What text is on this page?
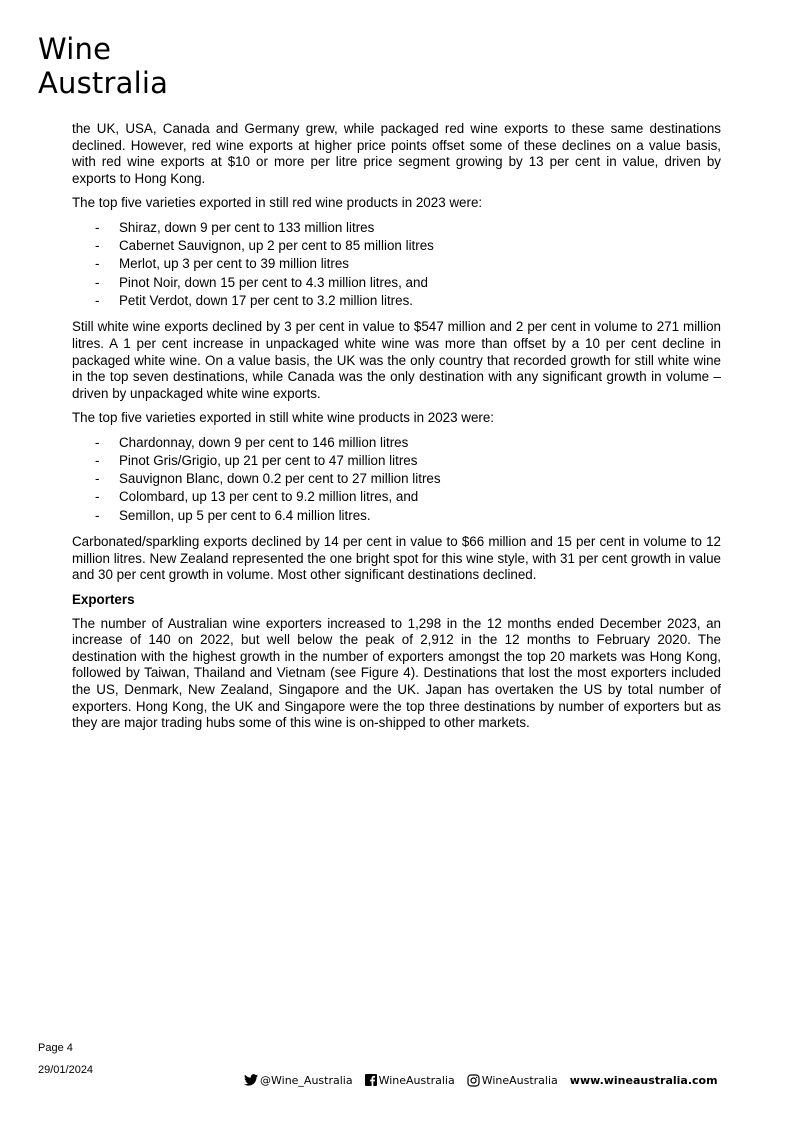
Wine
Australia

the UK, USA, Canada and Germany grew, while packaged red wine exports to these same destinations declined. However, red wine exports at higher price points offset some of these declines on a value basis, with red wine exports at $10 or more per litre price segment growing by 13 per cent in value, driven by exports to Hong Kong.

The top five varieties exported in still red wine products in 2023 were:

- Shiraz, down 9 per cent to 133 million litres
- Cabernet Sauvignon, up 2 per cent to 85 million litres
- Merlot, up 3 per cent to 39 million litres
- Pinot Noir, down 15 per cent to 4.3 million litres, and
- Petit Verdot, down 17 per cent to 3.2 million litres.

Still white wine exports declined by 3 per cent in value to $547 million and 2 per cent in volume to 271 million litres. A 1 per cent increase in unpackaged white wine was more than offset by a 10 per cent decline in packaged white wine. On a value basis, the UK was the only country that recorded growth for still white wine in the top seven destinations, while Canada was the only destination with any significant growth in volume – driven by unpackaged white wine exports.

The top five varieties exported in still white wine products in 2023 were:

- Chardonnay, down 9 per cent to 146 million litres
- Pinot Gris/Grigio, up 21 per cent to 47 million litres
- Sauvignon Blanc, down 0.2 per cent to 27 million litres
- Colombard, up 13 per cent to 9.2 million litres, and
- Semillon, up 5 per cent to 6.4 million litres.

Carbonated/sparkling exports declined by 14 per cent in value to $66 million and 15 per cent in volume to 12 million litres. New Zealand represented the one bright spot for this wine style, with 31 per cent growth in value and 30 per cent growth in volume. Most other significant destinations declined.

Exporters

The number of Australian wine exporters increased to 1,298 in the 12 months ended December 2023, an increase of 140 on 2022, but well below the peak of 2,912 in the 12 months to February 2020. The destination with the highest growth in the number of exporters amongst the top 20 markets was Hong Kong, followed by Taiwan, Thailand and Vietnam (see Figure 4). Destinations that lost the most exporters included the US, Denmark, New Zealand, Singapore and the UK. Japan has overtaken the US by total number of exporters. Hong Kong, the UK and Singapore were the top three destinations by number of exporters but as they are major trading hubs some of this wine is on-shipped to other markets.

Page 4
29/01/2024
@Wine_Australia WineAustralia WineAustralia www.wineaustralia.com
